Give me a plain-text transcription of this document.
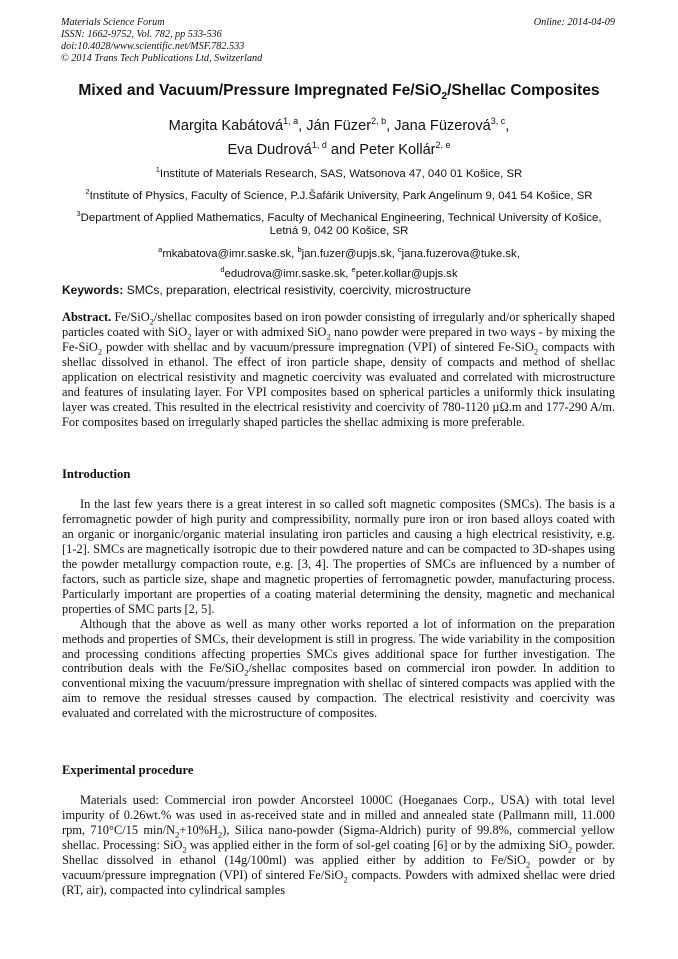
Materials Science Forum
ISSN: 1662-9752, Vol. 782, pp 533-536
doi:10.4028/www.scientific.net/MSF.782.533
© 2014 Trans Tech Publications Ltd, Switzerland
Online: 2014-04-09
Mixed and Vacuum/Pressure Impregnated Fe/SiO$_2$/Shellac Composites
Margita Kabátová$^{1, a}$, Ján Füzer$^{2, b}$, Jana Füzerová$^{3, c}$,
Eva Dudrová$^{1, d}$ and Peter Kollár$^{2, e}$

$^1$Institute of Materials Research, SAS, Watsonova 47, 040 01 Košice, SR

$^2$Institute of Physics, Faculty of Science, P.J.Šafárik University, Park Angelinum 9, 041 54 Košice, SR

$^3$Department of Applied Mathematics, Faculty of Mechanical Engineering, Technical University of Košice, Letná 9, 042 00 Košice, SR

$^a$mkabatova@imr.saske.sk, $^b$jan.fuzer@upjs.sk, $^c$jana.fuzerova@tuke.sk,
$^d$edudrova@imr.saske.sk, $^e$peter.kollar@upjs.sk
Keywords: SMCs, preparation, electrical resistivity, coercivity, microstructure

Abstract. Fe/SiO$_2$/shellac composites based on iron powder consisting of irregularly and/or spherically shaped particles coated with SiO$_2$ layer or with admixed SiO$_2$ nano powder were prepared in two ways - by mixing the Fe-SiO$_2$ powder with shellac and by vacuum/pressure impregnation (VPI) of sintered Fe-SiO$_2$ compacts with shellac dissolved in ethanol. The effect of iron particle shape, density of compacts and method of shellac application on electrical resistivity and magnetic coercivity was evaluated and correlated with microstructure and features of insulating layer. For VPI composites based on spherical particles a uniformly thick insulating layer was created. This resulted in the electrical resistivity and coercivity of 780-1120 µΩ.m and 177-290 A/m. For composites based on irregularly shaped particles the shellac admixing is more preferable.

Introduction

In the last few years there is a great interest in so called soft magnetic composites (SMCs). The basis is a ferromagnetic powder of high purity and compressibility, normally pure iron or iron based alloys coated with an organic or inorganic/organic material insulating iron particles and causing a high electrical resistivity, e.g. [1-2]. SMCs are magnetically isotropic due to their powdered nature and can be compacted to 3D-shapes using the powder metallurgy compaction route, e.g. [3, 4]. The properties of SMCs are influenced by a number of factors, such as particle size, shape and magnetic properties of ferromagnetic powder, manufacturing process. Particularly important are properties of a coating material determining the density, magnetic and mechanical properties of SMC parts [2, 5].

Although that the above as well as many other works reported a lot of information on the preparation methods and properties of SMCs, their development is still in progress. The wide variability in the composition and processing conditions affecting properties SMCs gives additional space for further investigation. The contribution deals with the Fe/SiO$_2$/shellac composites based on commercial iron powder. In addition to conventional mixing the vacuum/pressure impregnation with shellac of sintered compacts was applied with the aim to remove the residual stresses caused by compaction. The electrical resistivity and coercivity was evaluated and correlated with the microstructure of composites.

Experimental procedure

Materials used: Commercial iron powder Ancorsteel 1000C (Hoeganaes Corp., USA) with total level impurity of 0.26wt.% was used in as-received state and in milled and annealed state (Pallmann mill, 11.000 rpm, 710°C/15 $\min/N_2+10\%H_2$), Silica nano-powder (Sigma-Aldrich) purity of 99.8%, commercial yellow shellac. Processing: SiO$_2$ was applied either in the form of sol-gel coating [6] or by the admixing SiO$_2$ powder. Shellac dissolved in ethanol (14g/100ml) was applied either by addition to Fe/SiO$_2$ powder or by vacuum/pressure impregnation (VPI) of sintered Fe/SiO$_2$ compacts. Powders with admixed shellac were dried (RT, air), compacted into cylindrical samples
